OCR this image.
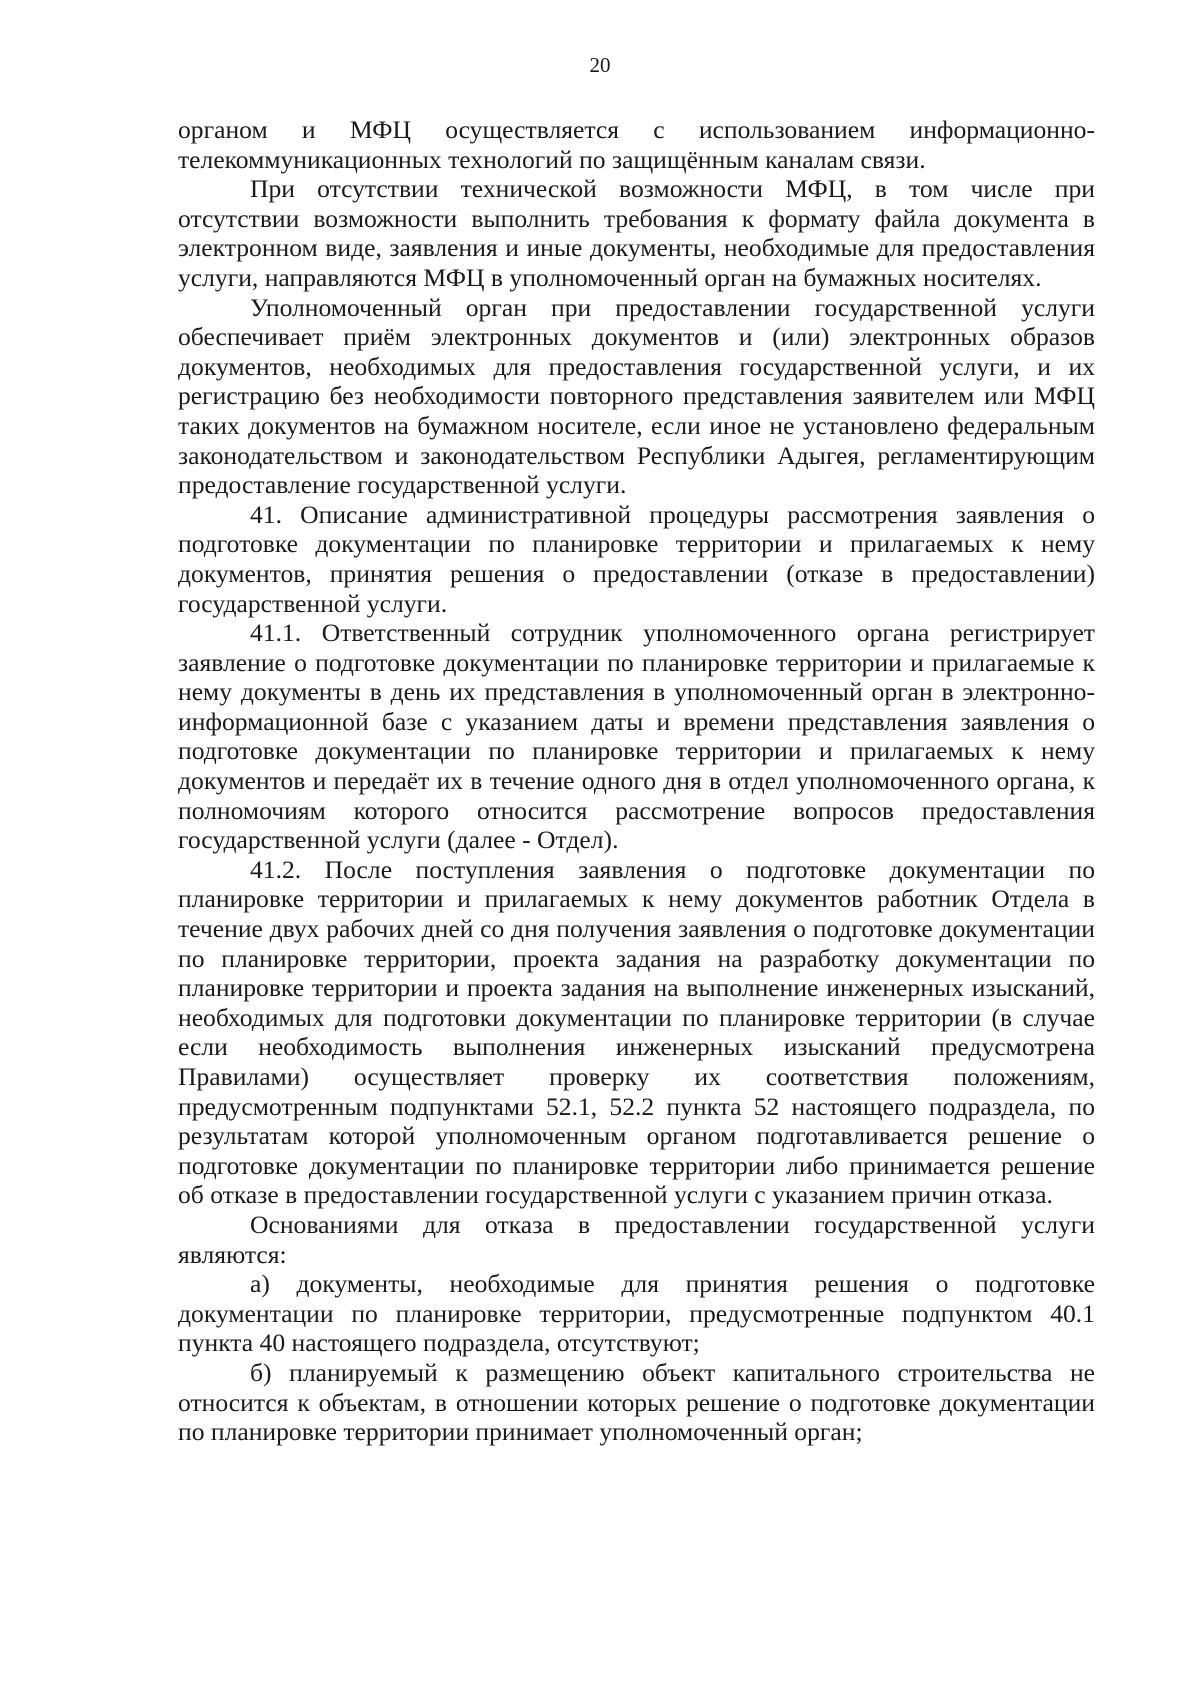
20

органом и МФЦ осуществляется с использованием информационно-телекоммуникационных технологий по защищённым каналам связи.

При отсутствии технической возможности МФЦ, в том числе при отсутствии возможности выполнить требования к формату файла документа в электронном виде, заявления и иные документы, необходимые для предоставления услуги, направляются МФЦ в уполномоченный орган на бумажных носителях.

Уполномоченный орган при предоставлении государственной услуги обеспечивает приём электронных документов и (или) электронных образов документов, необходимых для предоставления государственной услуги, и их регистрацию без необходимости повторного представления заявителем или МФЦ таких документов на бумажном носителе, если иное не установлено федеральным законодательством и законодательством Республики Адыгея, регламентирующим предоставление государственной услуги.

41. Описание административной процедуры рассмотрения заявления о подготовке документации по планировке территории и прилагаемых к нему документов, принятия решения о предоставлении (отказе в предоставлении) государственной услуги.

41.1. Ответственный сотрудник уполномоченного органа регистрирует заявление о подготовке документации по планировке территории и прилагаемые к нему документы в день их представления в уполномоченный орган в электронно-информационной базе с указанием даты и времени представления заявления о подготовке документации по планировке территории и прилагаемых к нему документов и передаёт их в течение одного дня в отдел уполномоченного органа, к полномочиям которого относится рассмотрение вопросов предоставления государственной услуги (далее - Отдел).

41.2. После поступления заявления о подготовке документации по планировке территории и прилагаемых к нему документов работник Отдела в течение двух рабочих дней со дня получения заявления о подготовке документации по планировке территории, проекта задания на разработку документации по планировке территории и проекта задания на выполнение инженерных изысканий, необходимых для подготовки документации по планировке территории (в случае если необходимость выполнения инженерных изысканий предусмотрена Правилами) осуществляет проверку их соответствия положениям, предусмотренным подпунктами 52.1, 52.2 пункта 52 настоящего подраздела, по результатам которой уполномоченным органом подготавливается решение о подготовке документации по планировке территории либо принимается решение об отказе в предоставлении государственной услуги с указанием причин отказа.

Основаниями для отказа в предоставлении государственной услуги являются:

а) документы, необходимые для принятия решения о подготовке документации по планировке территории, предусмотренные подпунктом 40.1 пункта 40 настоящего подраздела, отсутствуют;

б) планируемый к размещению объект капитального строительства не относится к объектам, в отношении которых решение о подготовке документации по планировке территории принимает уполномоченный орган;
